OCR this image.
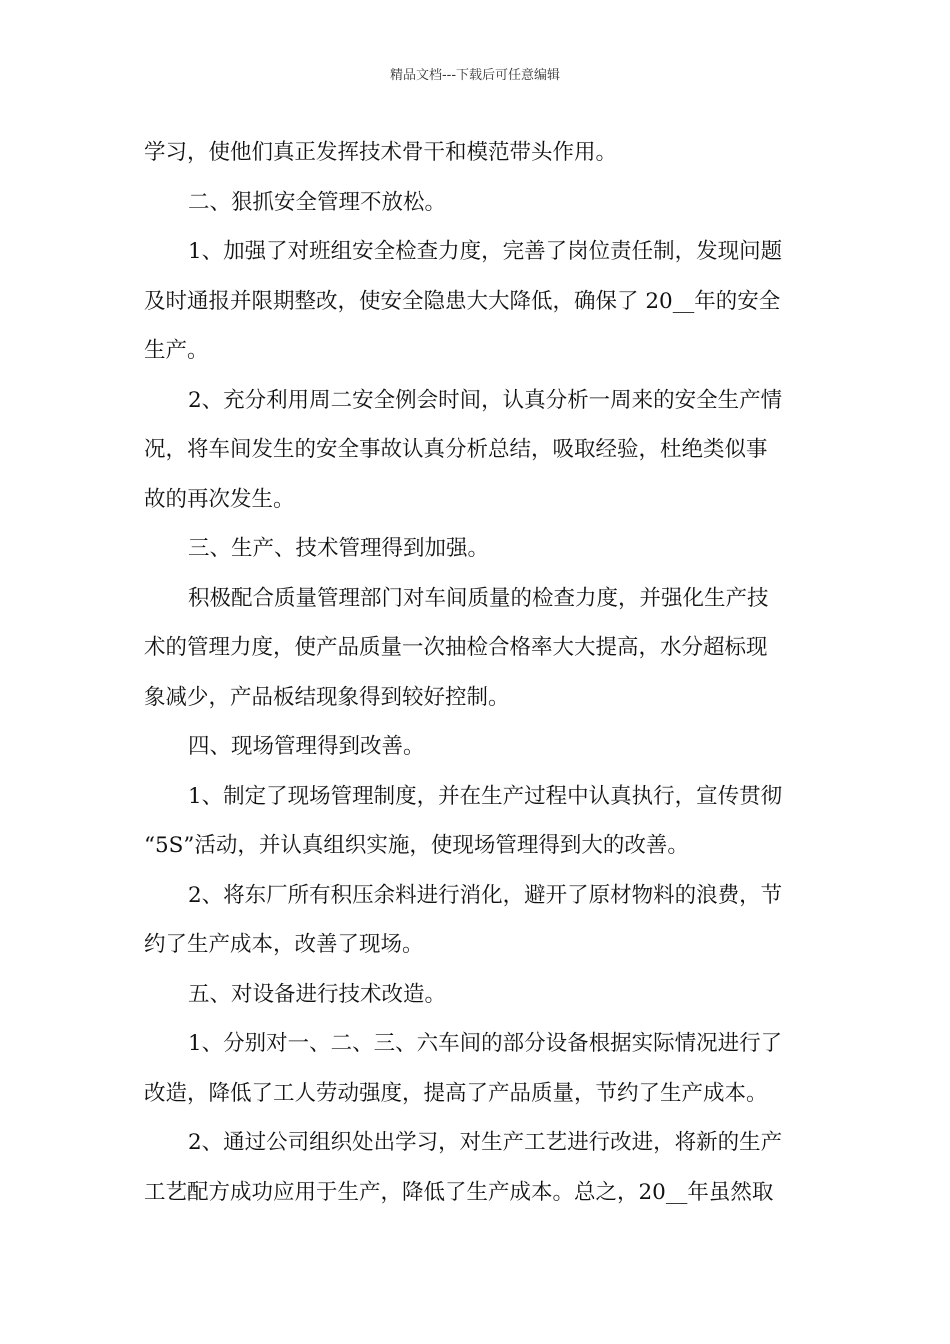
精品文档---下载后可任意编辑
学习，使他们真正发挥技术骨干和模范带头作用。
二、狠抓安全管理不放松。
1、加强了对班组安全检查力度，完善了岗位责任制，发现问题
及时通报并限期整改，使安全隐患大大降低，确保了 20__年的安全
生产。
2、充分利用周二安全例会时间，认真分析一周来的安全生产情
况，将车间发生的安全事故认真分析总结，吸取经验，杜绝类似事
故的再次发生。
三、生产、技术管理得到加强。
积极配合质量管理部门对车间质量的检查力度，并强化生产技
术的管理力度，使产品质量一次抽检合格率大大提高，水分超标现
象减少，产品板结现象得到较好控制。
四、现场管理得到改善。
1、制定了现场管理制度，并在生产过程中认真执行，宣传贯彻
“5S”活动，并认真组织实施，使现场管理得到大的改善。
2、将东厂所有积压余料进行消化，避开了原材物料的浪费，节
约了生产成本，改善了现场。
五、对设备进行技术改造。
1、分别对一、二、三、六车间的部分设备根据实际情况进行了
改造，降低了工人劳动强度，提高了产品质量，节约了生产成本。
2、通过公司组织处出学习，对生产工艺进行改进，将新的生产
工艺配方成功应用于生产，降低了生产成本。总之，20__年虽然取
